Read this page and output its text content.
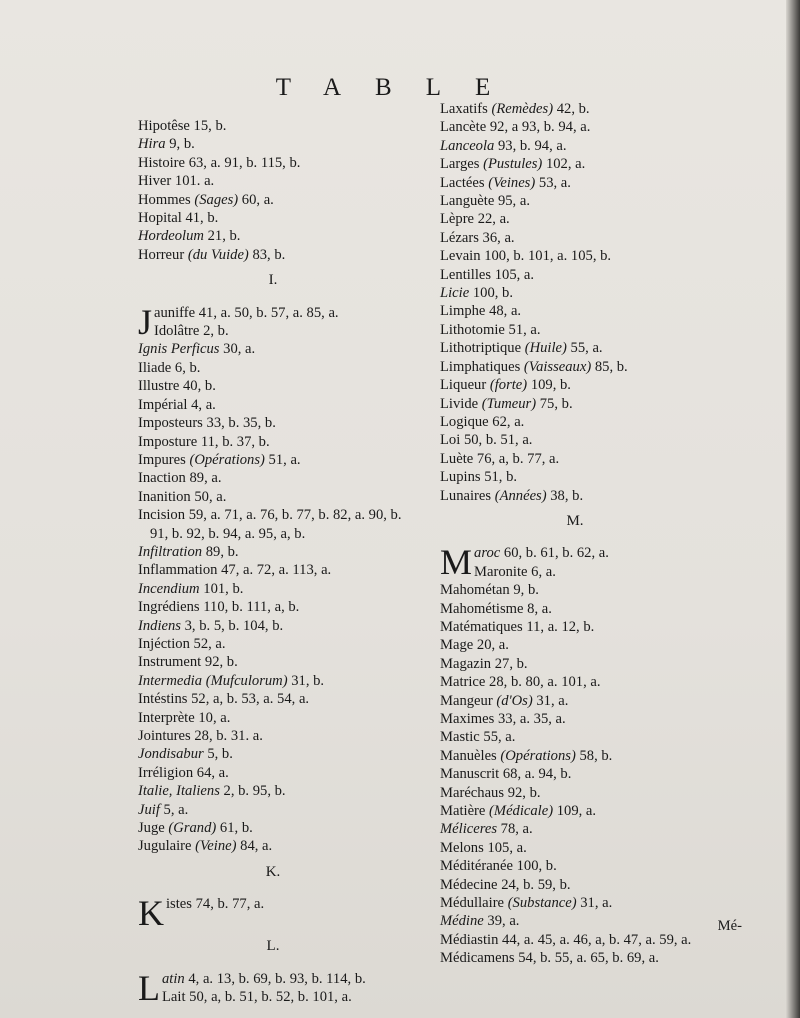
TABLE
Hipotêse 15, b.
Hira 9, b.
Histoire 63, a. 91, b. 115, b.
Hiver 101. a.
Hommes (Sages) 60, a.
Hopital 41, b.
Hordeolum 21, b.
Horreur (du Vuide) 83, b.
I.
J auniffe 41, a. 50, b. 57, a. 85, a.
Idolâtre 2, b.
Ignis Perficus 30, a.
Iliade 6, b.
Illustre 40, b.
Impérial 4, a.
Imposteurs 33, b. 35, b.
Imposture 11, b. 37, b.
Impures (Opérations) 51, a.
Inaction 89, a.
Inanition 50, a.
Incision 59, a. 71, a. 76, b. 77, b. 82, a. 90, b.
91, b. 92, b. 94, a. 95, a, b.
Infiltration 89, b.
Inflammation 47, a. 72, a. 113, a.
Incendium 101, b.
Ingrédiens 110, b. 111, a, b.
Indiens 3, b. 5, b. 104, b.
Injéction 52, a.
Instrument 92, b.
Intermedia (Mufculorum) 31, b.
Intéstins 52, a, b. 53, a. 54, a.
Interprète 10, a.
Jointures 28, b. 31. a.
Jondisabur 5, b.
Irréligion 64, a.
Italie, Italiens 2, b. 95, b.
Juif 5, a.
Juge (Grand) 61, b.
Jugulaire (Veine) 84, a.
K.
K istes 74, b. 77, a.
L.
L atin 4, a. 13, b. 69, b. 93, b. 114, b.
Lait 50, a, b. 51, b. 52, b. 101, a.
Laxatifs (Remèdes) 42, b.
Lancète 92, a 93, b. 94, a.
Lanceola 93, b. 94, a.
Larges (Pustules) 102, a.
Lactées (Veines) 53, a.
Languète 95, a.
Lèpre 22, a.
Lézars 36, a.
Levain 100, b. 101, a. 105, b.
Lentilles 105, a.
Licie 100, b.
Limphe 48, a.
Lithotomie 51, a.
Lithotriptique (Huile) 55, a.
Limphatiques (Vaisseaux) 85, b.
Liqueur (forte) 109, b.
Livide (Tumeur) 75, b.
Logique 62, a.
Loi 50, b. 51, a.
Luète 76, a, b. 77, a.
Lupins 51, b.
Lunaires (Années) 38, b.
M.
M aroc 60, b. 61, b. 62, a.
Maronite 6, a.
Mahométan 9, b.
Mahométisme 8, a.
Matématiques 11, a. 12, b.
Mage 20, a.
Magazin 27, b.
Matrice 28, b. 80, a. 101, a.
Mangeur (d'Os) 31, a.
Maximes 33, a. 35, a.
Mastic 55, a.
Manuèles (Opérations) 58, b.
Manuscrit 68, a. 94, b.
Maréchaus 92, b.
Matière (Médicale) 109, a.
Méliceres 78, a.
Melons 105, a.
Méditéranée 100, b.
Médecine 24, b. 59, b.
Médullaire (Substance) 31, a.
Médine 39, a.
Médiastin 44, a. 45, a. 46, a, b. 47, a. 59, a.
Médicamens 54, b. 55, a. 65, b. 69, a.
Mé-
